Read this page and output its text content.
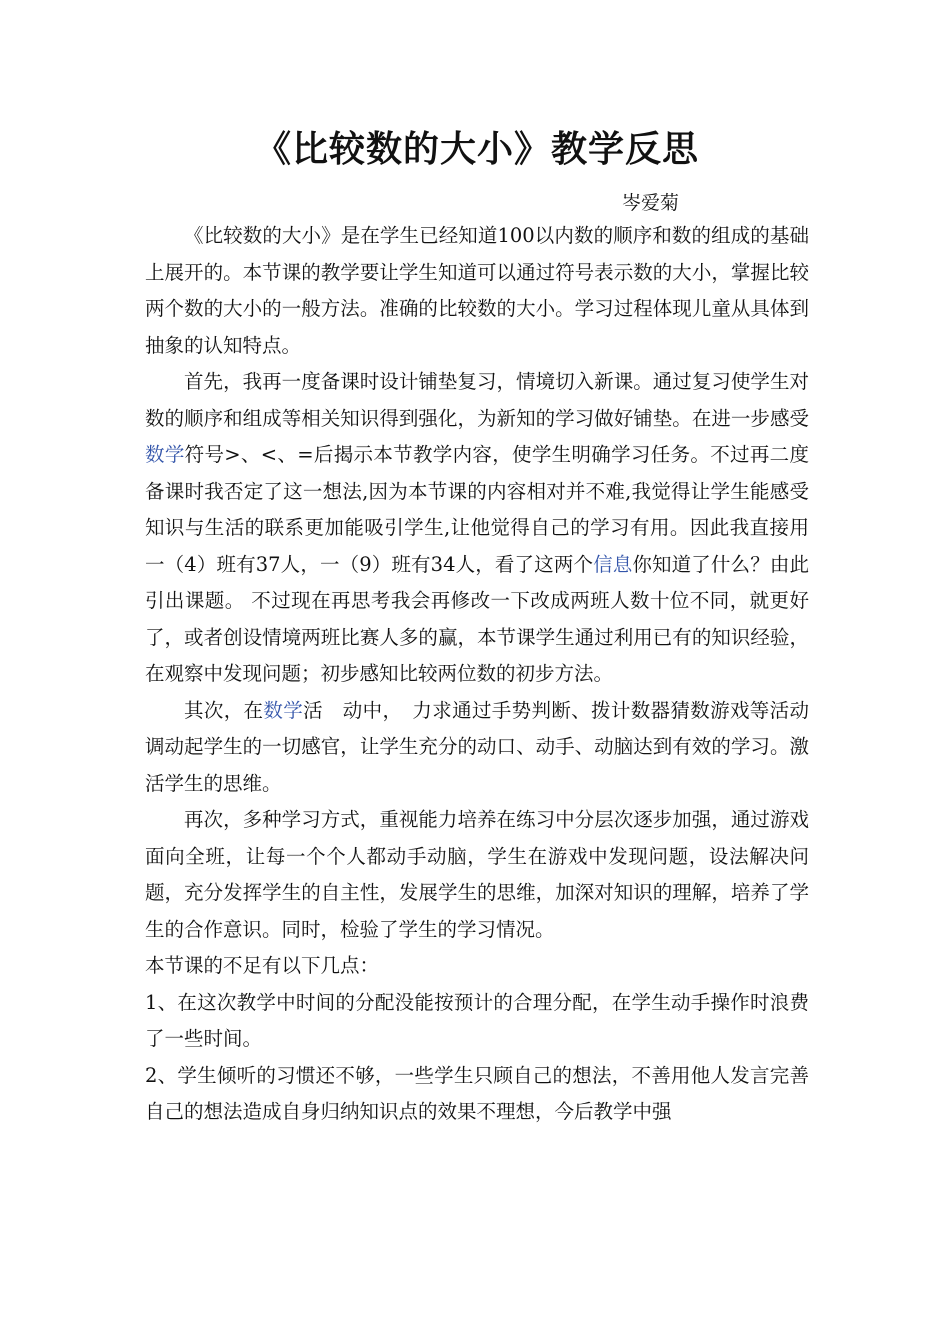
《比较数的大小》教学反思
岑爱菊

《比较数的大小》是在学生已经知道100以内数的顺序和数的组成的基础上展开的。本节课的教学要让学生知道可以通过符号表示数的大小，掌握比较两个数的大小的一般方法。准确的比较数的大小。学习过程体现儿童从具体到抽象的认知特点。

首先，我再一度备课时设计铺垫复习，情境切入新课。通过复习使学生对数的顺序和组成等相关知识得到强化，为新知的学习做好铺垫。在进一步感受数学符号>、<、=后揭示本节教学内容，使学生明确学习任务。不过再二度备课时我否定了这一想法,因为本节课的内容相对并不难,我觉得让学生能感受知识与生活的联系更加能吸引学生,让他觉得自己的学习有用。因此我直接用一（4）班有37人，一（9）班有34人，看了这两个信息你知道了什么？由此引出课题。 不过现在再思考我会再修改一下改成两班人数十位不同，就更好了，或者创设情境两班比赛人多的赢，本节课学生通过利用已有的知识经验，在观察中发现问题；初步感知比较两位数的初步方法。

其次，在数学活　动中，　力求通过手势判断、拨计数器猜数游戏等活动调动起学生的一切感官，让学生充分的动口、动手、动脑达到有效的学习。激活学生的思维。

再次，多种学习方式，重视能力培养在练习中分层次逐步加强，通过游戏面向全班，让每一个个人都动手动脑，学生在游戏中发现问题，设法解决问题，充分发挥学生的自主性，发展学生的思维，加深对知识的理解，培养了学生的合作意识。同时，检验了学生的学习情况。

本节课的不足有以下几点：

1、在这次教学中时间的分配没能按预计的合理分配，在学生动手操作时浪费了一些时间。

2、学生倾听的习惯还不够，一些学生只顾自己的想法，不善用他人发言完善自己的想法造成自身归纳知识点的效果不理想，今后教学中强
